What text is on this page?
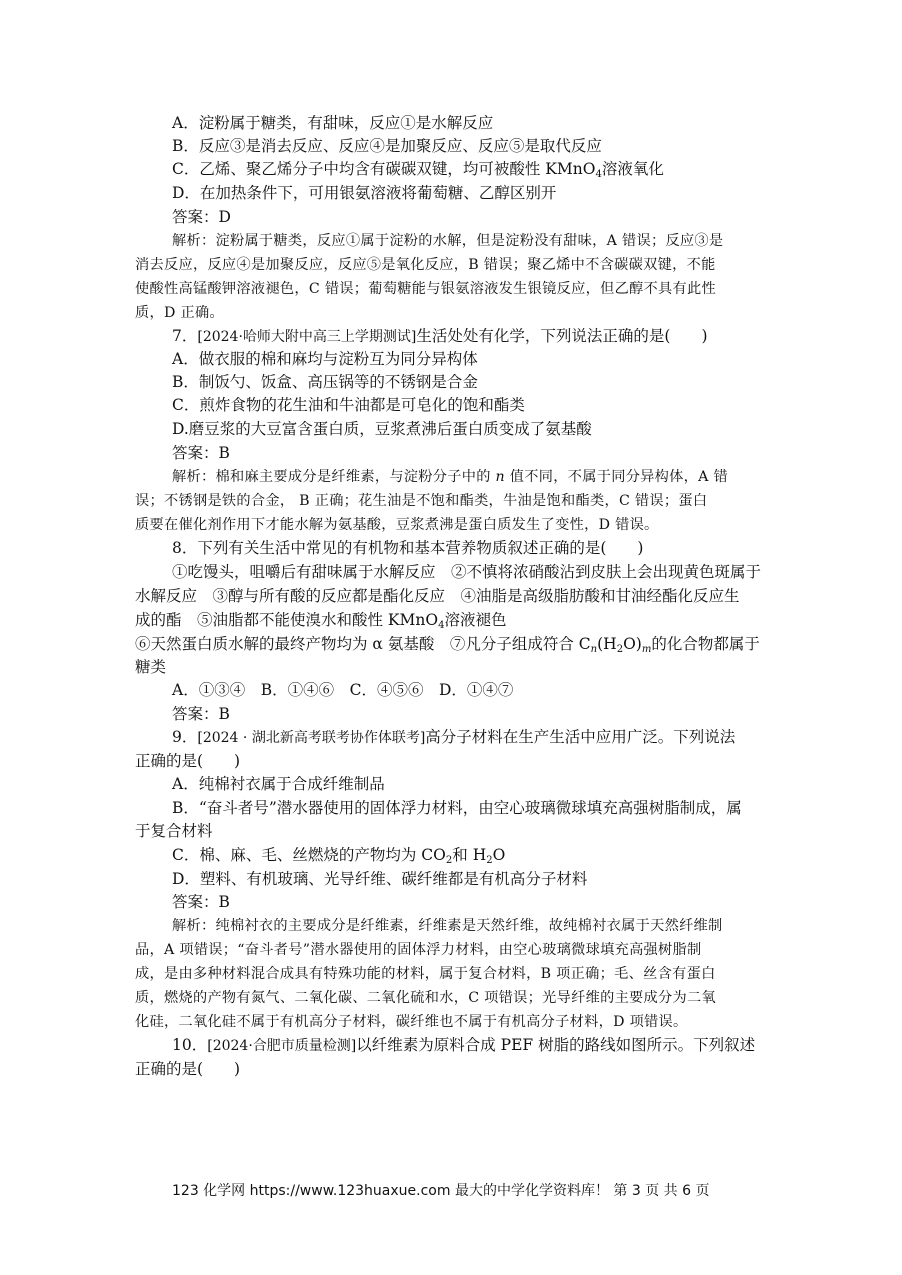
A．淀粉属于糖类，有甜味，反应①是水解反应
B．反应③是消去反应、反应④是加聚反应、反应⑤是取代反应
C．乙烯、聚乙烯分子中均含有碳碳双键，均可被酸性 KMnO$_4$溶液氧化
D．在加热条件下，可用银氨溶液将葡萄糖、乙醇区别开
答案：D
解析：淀粉属于糖类，反应①属于淀粉的水解，但是淀粉没有甜味，A 错误；反应③是
消去反应，反应④是加聚反应，反应⑤是氧化反应，B 错误；聚乙烯中不含碳碳双键，不能
使酸性高锰酸钾溶液褪色，C 错误；葡萄糖能与银氨溶液发生银镜反应，但乙醇不具有此性
质，D 正确。
7．[2024·哈师大附中高三上学期测试]生活处处有化学，下列说法正确的是(　　)
A．做衣服的棉和麻均与淀粉互为同分异构体
B．制饭勺、饭盒、高压锅等的不锈钢是合金
C．煎炸食物的花生油和牛油都是可皂化的饱和酯类
D.磨豆浆的大豆富含蛋白质，豆浆煮沸后蛋白质变成了氨基酸
答案：B
解析：棉和麻主要成分是纤维素，与淀粉分子中的 n 值不同，不属于同分异构体，A 错
误；不锈钢是铁的合金， B 正确；花生油是不饱和酯类，牛油是饱和酯类，C 错误；蛋白
质要在催化剂作用下才能水解为氨基酸，豆浆煮沸是蛋白质发生了变性，D 错误。
8．下列有关生活中常见的有机物和基本营养物质叙述正确的是(　　)
①吃馒头，咀嚼后有甜味属于水解反应　②不慎将浓硝酸沾到皮肤上会出现黄色斑属于
水解反应　③醇与所有酸的反应都是酯化反应　④油脂是高级脂肪酸和甘油经酯化反应生
成的酯　⑤油脂都不能使溴水和酸性 KMnO$_4$溶液褪色
⑥天然蛋白质水解的最终产物均为 α 氨基酸　⑦凡分子组成符合 $C_n(H_2O)_m$的化合物都属于
糖类
A．①③④　B．①④⑥　C．④⑤⑥　D．①④⑦
答案：B
9．[2024 · 湖北新高考联考协作体联考]高分子材料在生产生活中应用广泛。下列说法
正确的是(　　)
A．纯棉衬衣属于合成纤维制品
B．“奋斗者号”潜水器使用的固体浮力材料，由空心玻璃微球填充高强树脂制成，属
于复合材料
C．棉、麻、毛、丝燃烧的产物均为 $CO_2$和 $H_2O$
D．塑料、有机玻璃、光导纤维、碳纤维都是有机高分子材料
答案：B
解析：纯棉衬衣的主要成分是纤维素，纤维素是天然纤维，故纯棉衬衣属于天然纤维制
品，A 项错误；“奋斗者号”潜水器使用的固体浮力材料，由空心玻璃微球填充高强树脂制
成，是由多种材料混合成具有特殊功能的材料，属于复合材料，B 项正确；毛、丝含有蛋白
质，燃烧的产物有氮气、二氧化碳、二氧化硫和水，C 项错误；光导纤维的主要成分为二氧
化硅，二氧化硅不属于有机高分子材料，碳纤维也不属于有机高分子材料，D 项错误。
10．[2024·合肥市质量检测]以纤维素为原料合成 PEF 树脂的路线如图所示。下列叙述
正确的是(　　)
123 化学网 https://www.123huaxue.com 最大的中学化学资料库！ 第 3 页 共 6 页
